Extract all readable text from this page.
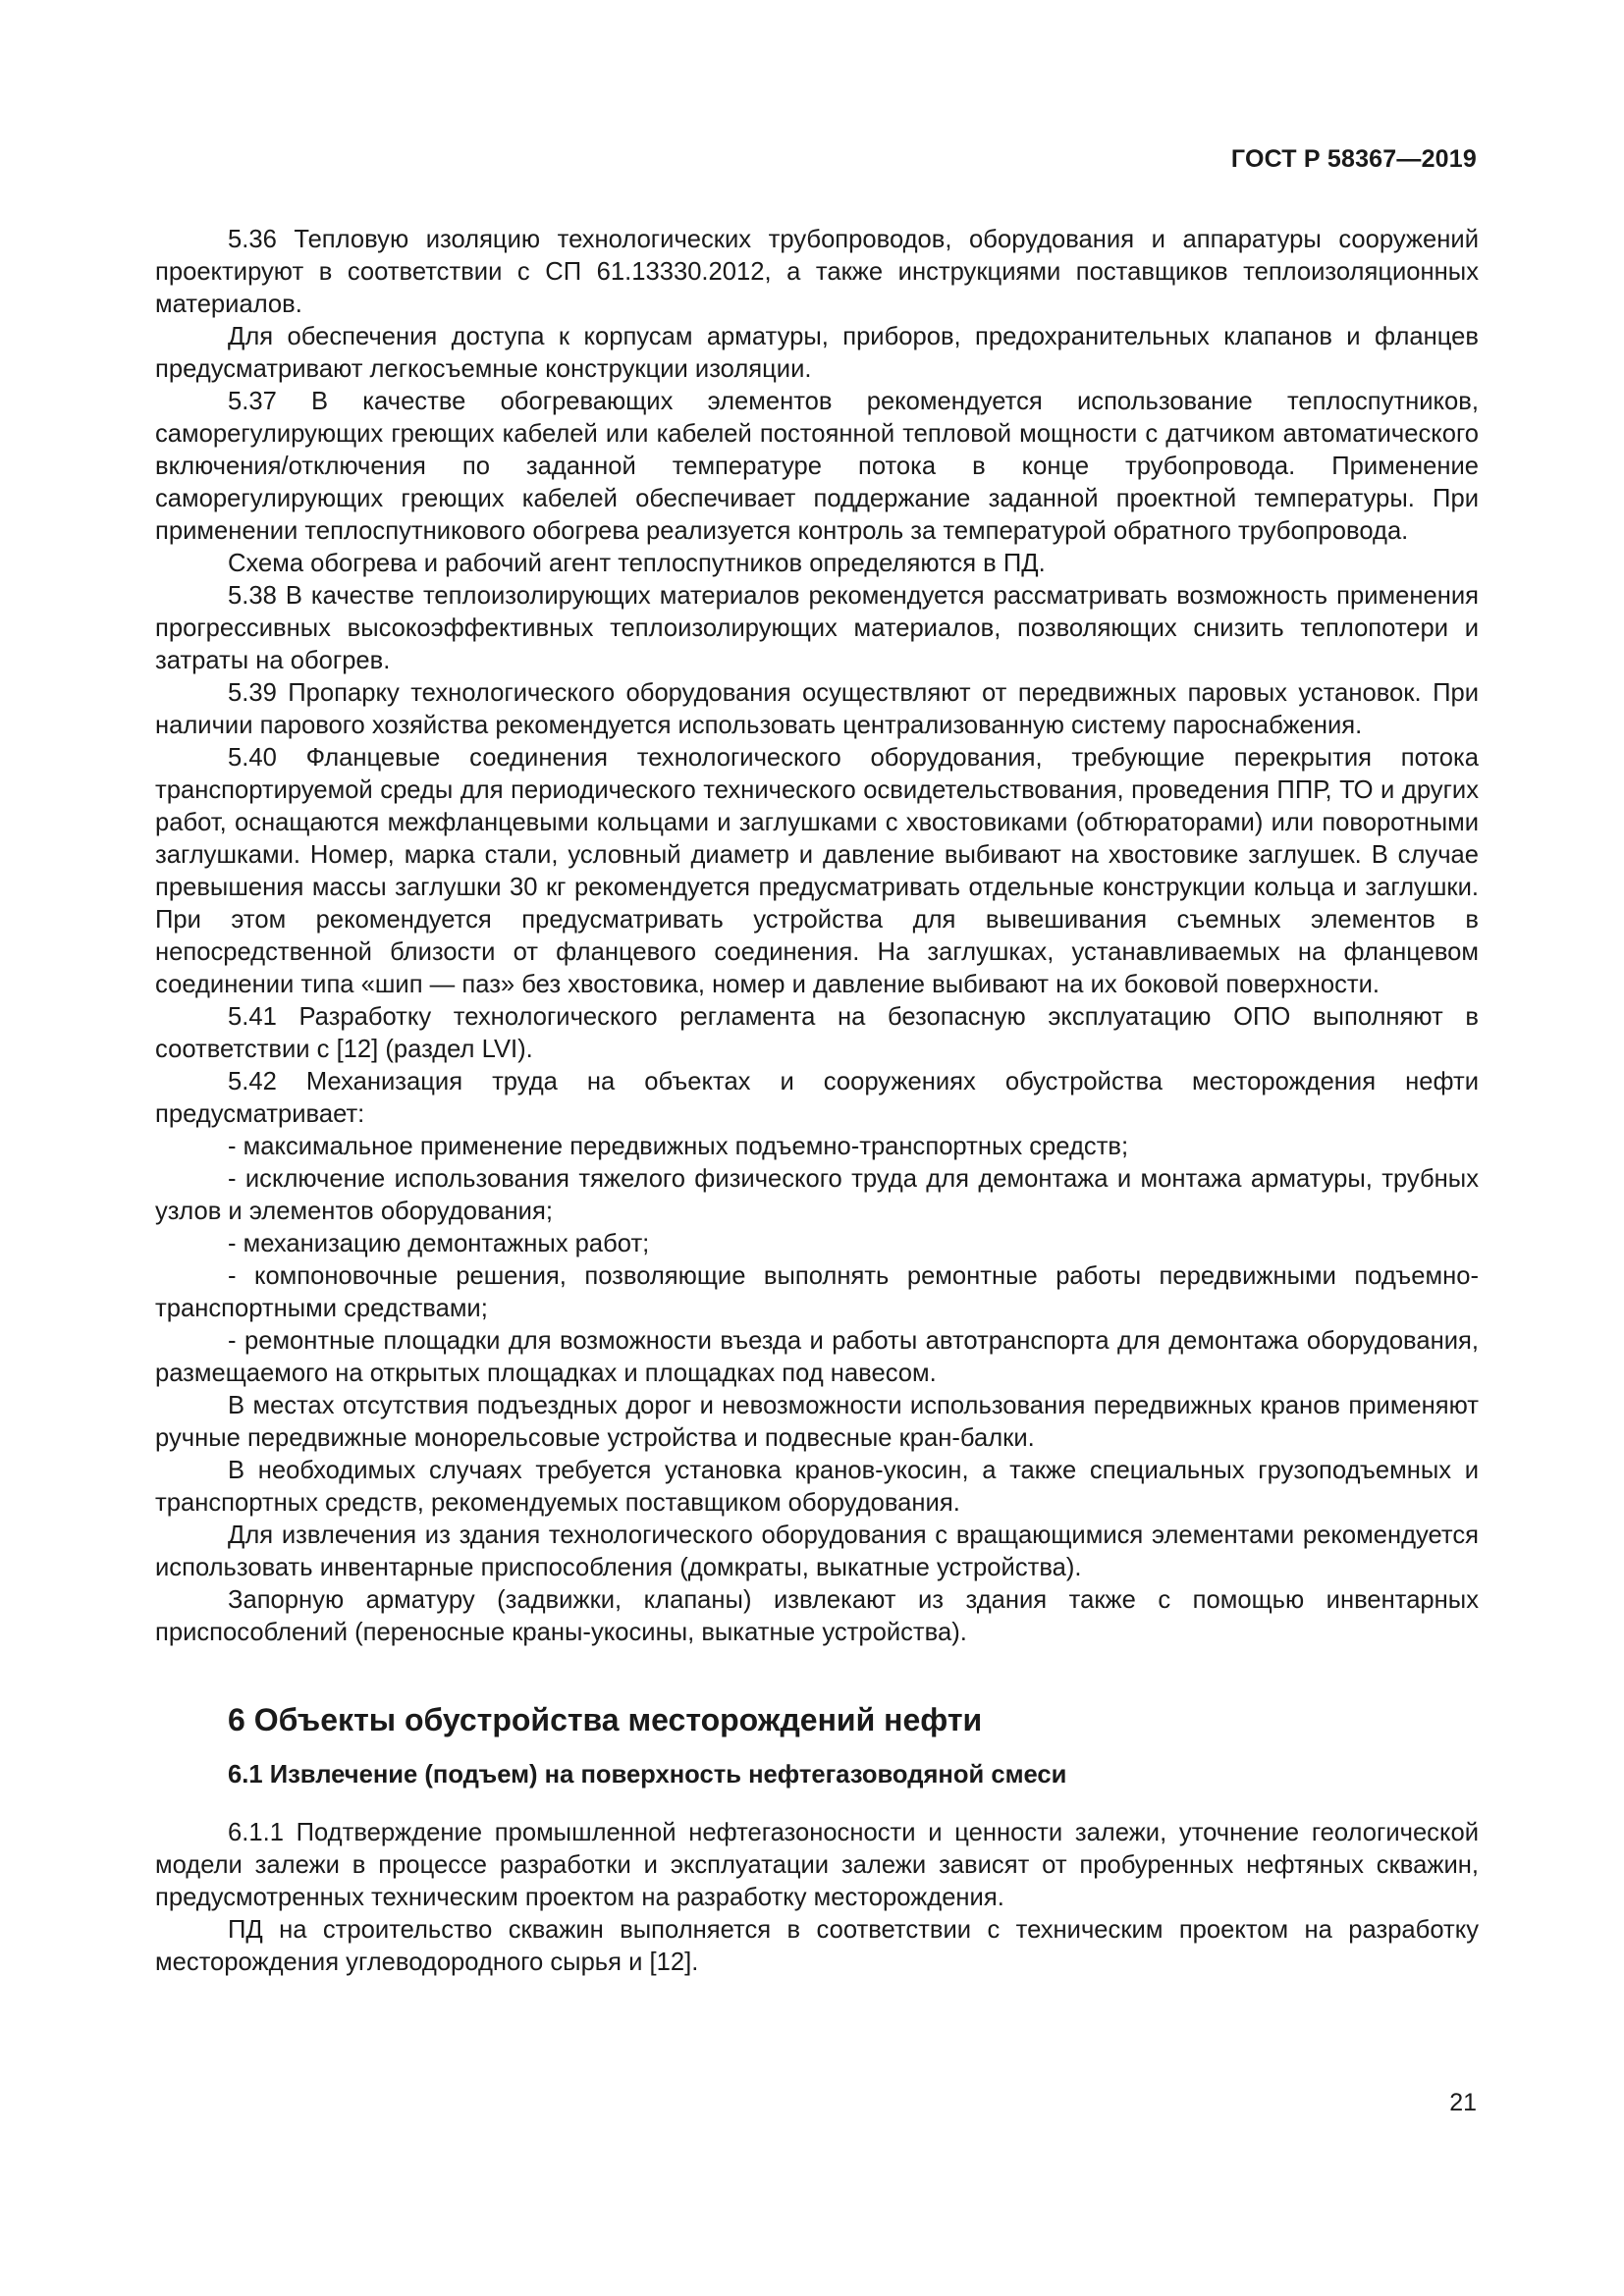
ГОСТ Р 58367—2019

5.36 Тепловую изоляцию технологических трубопроводов, оборудования и аппаратуры сооружений проектируют в соответствии с СП 61.13330.2012, а также инструкциями поставщиков теплоизоляционных материалов.

Для обеспечения доступа к корпусам арматуры, приборов, предохранительных клапанов и фланцев предусматривают легкосъемные конструкции изоляции.

5.37 В качестве обогревающих элементов рекомендуется использование теплоспутников, саморегулирующих греющих кабелей или кабелей постоянной тепловой мощности с датчиком автоматического включения/отключения по заданной температуре потока в конце трубопровода. Применение саморегулирующих греющих кабелей обеспечивает поддержание заданной проектной температуры. При применении теплоспутникового обогрева реализуется контроль за температурой обратного трубопровода.

Схема обогрева и рабочий агент теплоспутников определяются в ПД.

5.38 В качестве теплоизолирующих материалов рекомендуется рассматривать возможность применения прогрессивных высокоэффективных теплоизолирующих материалов, позволяющих снизить теплопотери и затраты на обогрев.

5.39 Пропарку технологического оборудования осуществляют от передвижных паровых установок. При наличии парового хозяйства рекомендуется использовать централизованную систему пароснабжения.

5.40 Фланцевые соединения технологического оборудования, требующие перекрытия потока транспортируемой среды для периодического технического освидетельствования, проведения ППР, ТО и других работ, оснащаются межфланцевыми кольцами и заглушками с хвостовиками (обтюраторами) или поворотными заглушками. Номер, марка стали, условный диаметр и давление выбивают на хвостовике заглушек. В случае превышения массы заглушки 30 кг рекомендуется предусматривать отдельные конструкции кольца и заглушки. При этом рекомендуется предусматривать устройства для вывешивания съемных элементов в непосредственной близости от фланцевого соединения. На заглушках, устанавливаемых на фланцевом соединении типа «шип — паз» без хвостовика, номер и давление выбивают на их боковой поверхности.

5.41 Разработку технологического регламента на безопасную эксплуатацию ОПО выполняют в соответствии с [12] (раздел LVI).

5.42 Механизация труда на объектах и сооружениях обустройства месторождения нефти предусматривает:

- максимальное применение передвижных подъемно-транспортных средств;

- исключение использования тяжелого физического труда для демонтажа и монтажа арматуры, трубных узлов и элементов оборудования;

- механизацию демонтажных работ;

- компоновочные решения, позволяющие выполнять ремонтные работы передвижными подъемно-транспортными средствами;

- ремонтные площадки для возможности въезда и работы автотранспорта для демонтажа оборудования, размещаемого на открытых площадках и площадках под навесом.

В местах отсутствия подъездных дорог и невозможности использования передвижных кранов применяют ручные передвижные монорельсовые устройства и подвесные кран-балки.

В необходимых случаях требуется установка кранов-укосин, а также специальных грузоподъемных и транспортных средств, рекомендуемых поставщиком оборудования.

Для извлечения из здания технологического оборудования с вращающимися элементами рекомендуется использовать инвентарные приспособления (домкраты, выкатные устройства).

Запорную арматуру (задвижки, клапаны) извлекают из здания также с помощью инвентарных приспособлений (переносные краны-укосины, выкатные устройства).

6 Объекты обустройства месторождений нефти

6.1 Извлечение (подъем) на поверхность нефтегазоводяной смеси

6.1.1 Подтверждение промышленной нефтегазоносности и ценности залежи, уточнение геологической модели залежи в процессе разработки и эксплуатации залежи зависят от пробуренных нефтяных скважин, предусмотренных техническим проектом на разработку месторождения.

ПД на строительство скважин выполняется в соответствии с техническим проектом на разработку месторождения углеводородного сырья и [12].

21
